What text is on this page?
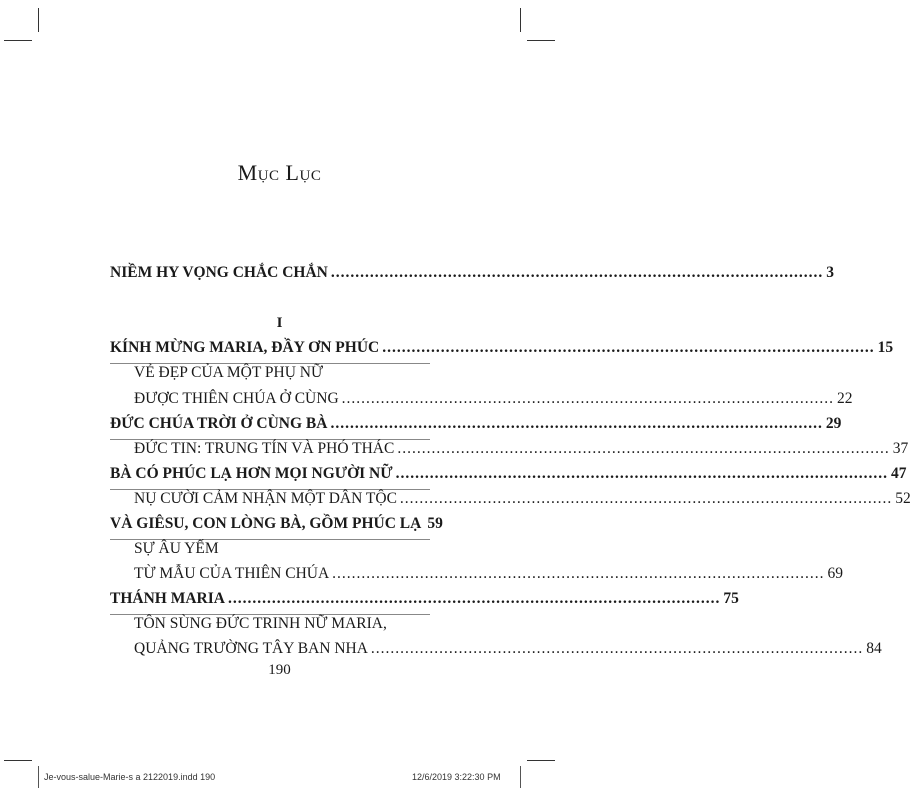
Mục Lục
NIỀM HY VỌNG CHẮC CHẮN ..................................................................................................... 3
I
KÍNH MỪNG MARIA, ĐẦY ƠN PHÚC ..................................................................................................... 15
VẺ ĐẸP CỦA MỘT PHỤ NỮ
ĐƯỢC THIÊN CHÚA Ở CÙNG ..................................................................................................... 22
ĐỨC CHÚA TRỜI Ở CÙNG BÀ ..................................................................................................... 29
ĐỨC TIN: TRUNG TÍN VÀ PHÓ THÁC ..................................................................................................... 37
BÀ CÓ PHÚC LẠ HƠN MỌI NGƯỜI NỮ ..................................................................................................... 47
NỤ CƯỜI CẢM NHẬN MỘT DÂN TỘC ..................................................................................................... 52
VÀ GIÊSU, CON LÒNG BÀ, GỒM PHÚC LẠ 59
SỰ ÂU YẾM
TỪ MẪU CỦA THIÊN CHÚA ..................................................................................................... 69
THÁNH MARIA ..................................................................................................... 75
TÔN SÙNG ĐỨC TRINH NỮ MARIA,
QUẢNG TRƯỜNG TÂY BAN NHA ..................................................................................................... 84
190
Je-vous-salue-Marie-s a 2122019.indd 190	12/6/2019 3:22:30 PM
